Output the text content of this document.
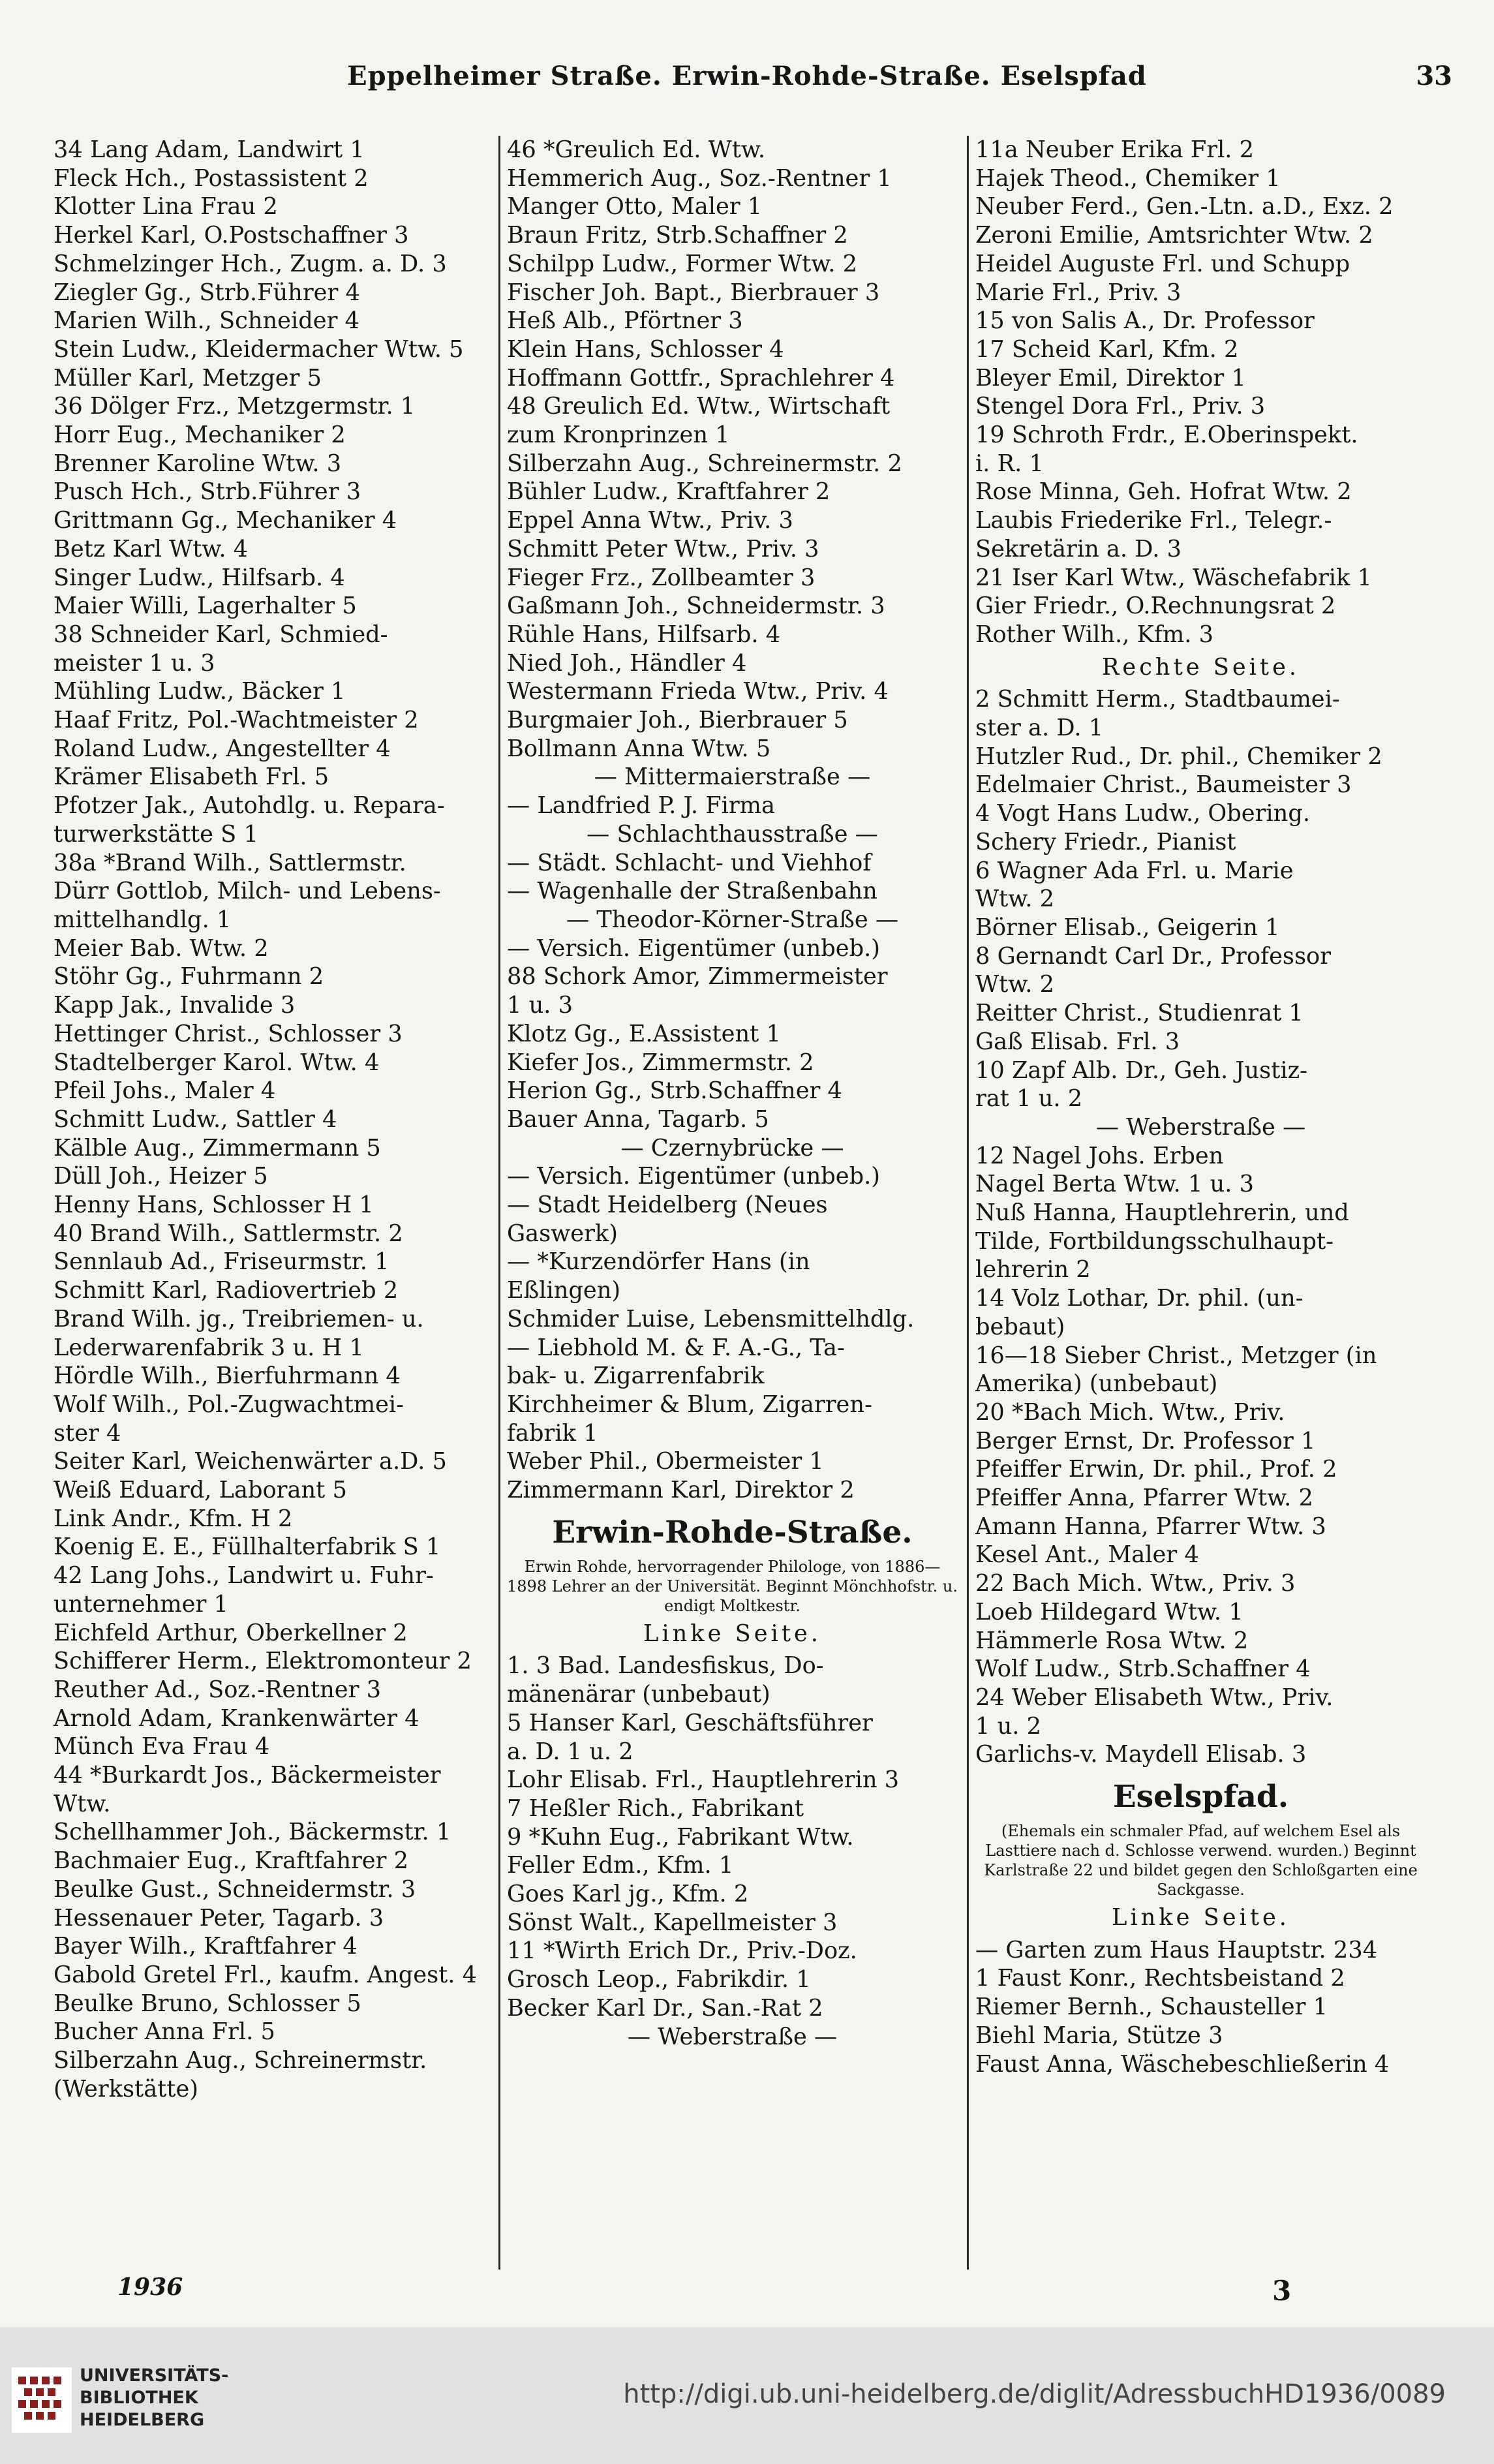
Eppelheimer Straße. Erwin-Rohde-Straße. Eselspfad	33
34 Lang Adam, Landwirt 1
Fleck Hch., Postassistent 2
Klotter Lina Frau 2
Herkel Karl, O.Postschaffner 3
Schmelzinger Hch., Zugm. a. D. 3
Ziegler Gg., Strb.Führer 4
Marien Wilh., Schneider 4
Stein Ludw., Kleidermacher Wtw. 5
Müller Karl, Metzger 5
36 Dölger Frz., Metzgermstr. 1
Horr Eug., Mechaniker 2
Brenner Karoline Wtw. 3
Pusch Hch., Strb.Führer 3
Grittmann Gg., Mechaniker 4
Betz Karl Wtw. 4
Singer Ludw., Hilfsarb. 4
Maier Willi, Lagerhalter 5
38 Schneider Karl, Schmied-
meister 1 u. 3
Mühling Ludw., Bäcker 1
Haaf Fritz, Pol.-Wachtmeister 2
Roland Ludw., Angestellter 4
Krämer Elisabeth Frl. 5
Pfotzer Jak., Autohdlg. u. Repara-
turwerkstätte S 1
38a *Brand Wilh., Sattlermstr.
Dürr Gottlob, Milch- und Lebens-
mittelhandlg. 1
Meier Bab. Wtw. 2
Stöhr Gg., Fuhrmann 2
Kapp Jak., Invalide 3
Hettinger Christ., Schlosser 3
Stadtelberger Karol. Wtw. 4
Pfeil Johs., Maler 4
Schmitt Ludw., Sattler 4
Kälble Aug., Zimmermann 5
Düll Joh., Heizer 5
Henny Hans, Schlosser H 1
40 Brand Wilh., Sattlermstr. 2
Sennlaub Ad., Friseurmstr. 1
Schmitt Karl, Radiovertrieb 2
Brand Wilh. jg., Treibriemen- u.
Lederwarenfabrik 3 u. H 1
Hördle Wilh., Bierfuhrmann 4
Wolf Wilh., Pol.-Zugwachtmei-
ster 4
Seiter Karl, Weichenwärter a.D. 5
Weiß Eduard, Laborant 5
Link Andr., Kfm. H 2
Koenig E. E., Füllhalterfabrik S 1
42 Lang Johs., Landwirt u. Fuhr-
unternehmer 1
Eichfeld Arthur, Oberkellner 2
Schifferer Herm., Elektromonteur 2
Reuther Ad., Soz.-Rentner 3
Arnold Adam, Krankenwärter 4
Münch Eva Frau 4
44 *Burkardt Jos., Bäckermeister
Wtw.
Schellhammer Joh., Bäckermstr. 1
Bachmaier Eug., Kraftfahrer 2
Beulke Gust., Schneidermstr. 3
Hessenauer Peter, Tagarb. 3
Bayer Wilh., Kraftfahrer 4
Gabold Gretel Frl., kaufm. Angest. 4
Beulke Bruno, Schlosser 5
Bucher Anna Frl. 5
Silberzahn Aug., Schreinermstr.
(Werkstätte)
46 *Greulich Ed. Wtw.
Hemmerich Aug., Soz.-Rentner 1
Manger Otto, Maler 1
Braun Fritz, Strb.Schaffner 2
Schilpp Ludw., Former Wtw. 2
Fischer Joh. Bapt., Bierbrauer 3
Heß Alb., Pförtner 3
Klein Hans, Schlosser 4
Hoffmann Gottfr., Sprachlehrer 4
48 Greulich Ed. Wtw., Wirtschaft
zum Kronprinzen 1
Silberzahn Aug., Schreinermstr. 2
Bühler Ludw., Kraftfahrer 2
Eppel Anna Wtw., Priv. 3
Schmitt Peter Wtw., Priv. 3
Fieger Frz., Zollbeamter 3
Gaßmann Joh., Schneidermstr. 3
Rühle Hans, Hilfsarb. 4
Nied Joh., Händler 4
Westermann Frieda Wtw., Priv. 4
Burgmaier Joh., Bierbrauer 5
Bollmann Anna Wtw. 5
— Mittermaierstraße —
— Landfried P. J. Firma
— Schlachthausstraße —
— Städt. Schlacht- und Viehhof
— Wagenhalle der Straßenbahn
— Theodor-Körner-Straße —
— Versich. Eigentümer (unbeb.)
88 Schork Amor, Zimmermeister
1 u. 3
Klotz Gg., E.Assistent 1
Kiefer Jos., Zimmermstr. 2
Herion Gg., Strb.Schaffner 4
Bauer Anna, Tagarb. 5
— Czernybrücke —
— Versich. Eigentümer (unbeb.)
— Stadt Heidelberg (Neues
Gaswerk)
— *Kurzendörfer Hans (in
Eßlingen)
Schmider Luise, Lebensmittelhdlg.
— Liebhold M. & F. A.-G., Ta-
bak- u. Zigarrenfabrik
Kirchheimer & Blum, Zigarren-
fabrik 1
Weber Phil., Obermeister 1
Zimmermann Karl, Direktor 2
Erwin-Rohde-Straße.
Erwin Rohde, hervorragender Philologe, von 1886—1898 Lehrer an der Universität. Beginnt Mönchhofstr. u. endigt Moltkestr.
Linke Seite.
1. 3 Bad. Landesfiskus, Do-
mänenärar (unbebaut)
5 Hanser Karl, Geschäftsführer
a. D. 1 u. 2
Lohr Elisab. Frl., Hauptlehrerin 3
7 Heßler Rich., Fabrikant
9 *Kuhn Eug., Fabrikant Wtw.
Feller Edm., Kfm. 1
Goes Karl jg., Kfm. 2
Sönst Walt., Kapellmeister 3
11 *Wirth Erich Dr., Priv.-Doz.
Grosch Leop., Fabrikdir. 1
Becker Karl Dr., San.-Rat 2
— Weberstraße —
11a Neuber Erika Frl. 2
Hajek Theod., Chemiker 1
Neuber Ferd., Gen.-Ltn. a.D., Exz. 2
Zeroni Emilie, Amtsrichter Wtw. 2
Heidel Auguste Frl. und Schupp
Marie Frl., Priv. 3
15 von Salis A., Dr. Professor
17 Scheid Karl, Kfm. 2
Bleyer Emil, Direktor 1
Stengel Dora Frl., Priv. 3
19 Schroth Frdr., E.Oberinspekt.
i. R. 1
Rose Minna, Geh. Hofrat Wtw. 2
Laubis Friederike Frl., Telegr.-
Sekretärin a. D. 3
21 Iser Karl Wtw., Wäschefabrik 1
Gier Friedr., O.Rechnungsrat 2
Rother Wilh., Kfm. 3
Rechte Seite.
2 Schmitt Herm., Stadtbaumei-
ster a. D. 1
Hutzler Rud., Dr. phil., Chemiker 2
Edelmaier Christ., Baumeister 3
4 Vogt Hans Ludw., Obering.
Schery Friedr., Pianist
6 Wagner Ada Frl. u. Marie
Wtw. 2
Börner Elisab., Geigerin 1
8 Gernandt Carl Dr., Professor
Wtw. 2
Reitter Christ., Studienrat 1
Gaß Elisab. Frl. 3
10 Zapf Alb. Dr., Geh. Justiz-
rat 1 u. 2
— Weberstraße —
12 Nagel Johs. Erben
Nagel Berta Wtw. 1 u. 3
Nuß Hanna, Hauptlehrerin, und
Tilde, Fortbildungsschulhaupt-
lehrerin 2
14 Volz Lothar, Dr. phil. (un-
bebaut)
16—18 Sieber Christ., Metzger (in
Amerika) (unbebaut)
20 *Bach Mich. Wtw., Priv.
Berger Ernst, Dr. Professor 1
Pfeiffer Erwin, Dr. phil., Prof. 2
Pfeiffer Anna, Pfarrer Wtw. 2
Amann Hanna, Pfarrer Wtw. 3
Kesel Ant., Maler 4
22 Bach Mich. Wtw., Priv. 3
Loeb Hildegard Wtw. 1
Hämmerle Rosa Wtw. 2
Wolf Ludw., Strb.Schaffner 4
24 Weber Elisabeth Wtw., Priv.
1 u. 2
Garlichs-v. Maydell Elisab. 3
Eselspfad.
(Ehemals ein schmaler Pfad, auf welchem Esel als Lasttiere nach d. Schlosse verwend. wurden.) Beginnt Karlstraße 22 und bildet gegen den Schloßgarten eine Sackgasse.
Linke Seite.
— Garten zum Haus Hauptstr. 234
1 Faust Konr., Rechtsbeistand 2
Riemer Bernh., Schausteller 1
Biehl Maria, Stütze 3
Faust Anna, Wäschebeschließerin 4
1936	3
UNIVERSITÄTS-
BIBLIOTHEK
HEIDELBERG
http://digi.ub.uni-heidelberg.de/diglit/AdressbuchHD1936/0089
